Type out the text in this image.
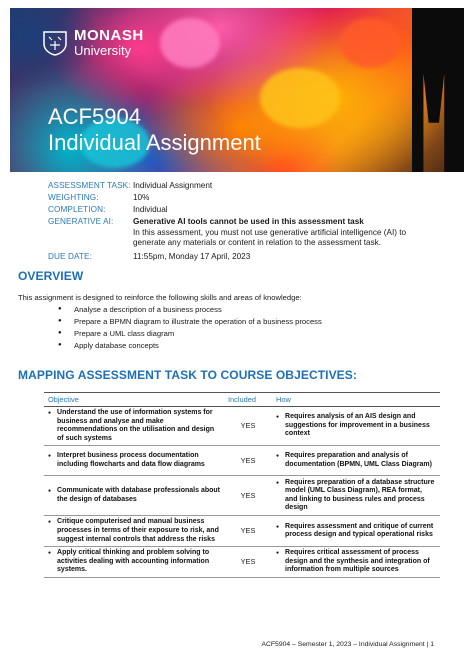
MONASH
University
ACF5904
Individual Assignment
ASSESSMENT TASK: Individual Assignment
WEIGHTING:	10%
COMPLETION:	Individual
GENERATIVE AI:	Generative AI tools cannot be used in this assessment task
In this assessment, you must not use generative artificial intelligence (AI) to generate any materials or content in relation to the assessment task.
DUE DATE:	11:55pm, Monday 17 April, 2023
OVERVIEW

This assignment is designed to reinforce the following skills and areas of knowledge:

● Analyse a description of a business process
● Prepare a BPMN diagram to illustrate the operation of a business process
● Prepare a UML class diagram
● Apply database concepts
MAPPING ASSESSMENT TASK TO COURSE OBJECTIVES:
Objective	Included	How

● Understand the use of information systems for business and analyse and make recommendations on the utilisation and design of such systems	YES	● Requires analysis of an AIS design and suggestions for improvement in a business context

● Interpret business process documentation including flowcharts and data flow diagrams	YES	● Requires preparation and analysis of documentation (BPMN, UML Class Diagram)

● Communicate with database professionals about the design of databases	YES	● Requires preparation of a database structure model (UML Class Diagram), REA format, and linking to business rules and process design

● Critique computerised and manual business processes in terms of their exposure to risk, and suggest internal controls that address the risks	YES	● Requires assessment and critique of current process design and typical operational risks

● Apply critical thinking and problem solving to activities dealing with accounting information systems.	YES	● Requires critical assessment of process design and the synthesis and integration of information from multiple sources
ACF5904 – Semester 1, 2023 – Individual Assignment | 1
